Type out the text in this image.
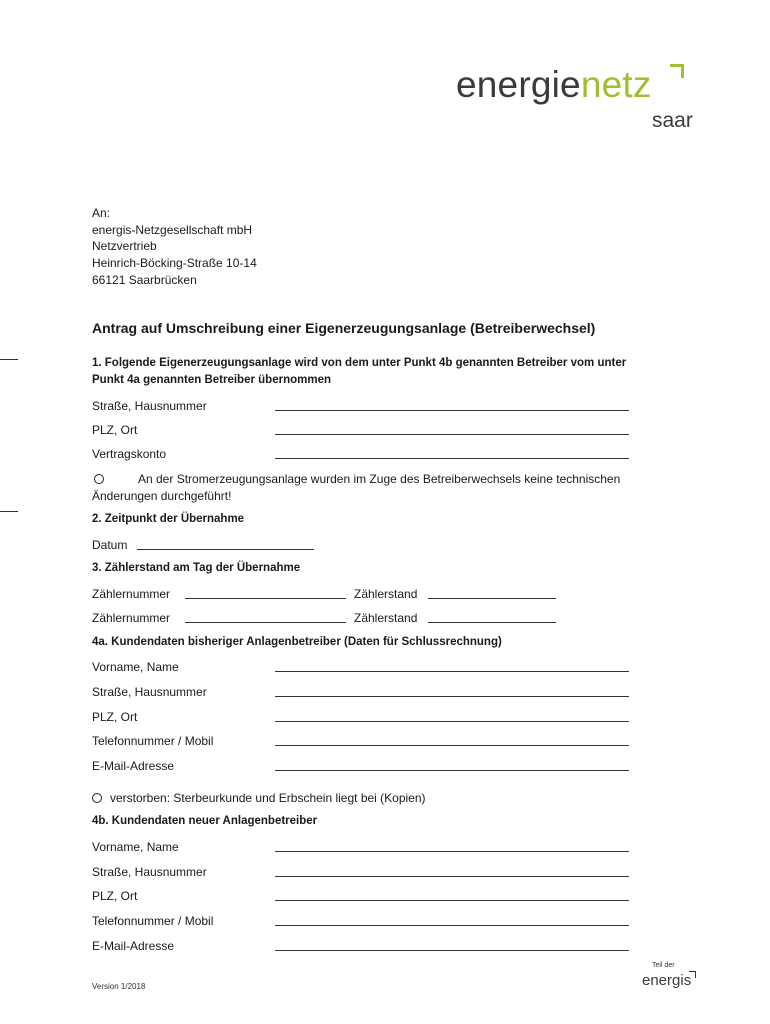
energienetz
saar
An:
energis-Netzgesellschaft mbH
Netzvertrieb
Heinrich-Böcking-Straße 10-14
66121 Saarbrücken
Antrag auf Umschreibung einer Eigenerzeugungsanlage (Betreiberwechsel)
1. Folgende Eigenerzeugungsanlage wird von dem unter Punkt 4b genannten Betreiber vom unter
Punkt 4a genannten Betreiber übernommen
Straße, Hausnummer
PLZ, Ort
Vertragskonto
An der Stromerzeugungsanlage wurden im Zuge des Betreiberwechsels keine technischen
Änderungen durchgeführt!
2. Zeitpunkt der Übernahme
Datum
3. Zählerstand am Tag der Übernahme
Zählernummer	Zählerstand
Zählernummer	Zählerstand
4a. Kundendaten bisheriger Anlagenbetreiber (Daten für Schlussrechnung)
Vorname, Name
Straße, Hausnummer
PLZ, Ort
Telefonnummer / Mobil
E-Mail-Adresse
verstorben: Sterbeurkunde und Erbschein liegt bei (Kopien)
4b. Kundendaten neuer Anlagenbetreiber
Vorname, Name
Straße, Hausnummer
PLZ, Ort
Telefonnummer / Mobil
E-Mail-Adresse
Version 1/2018
Teil der
energis
